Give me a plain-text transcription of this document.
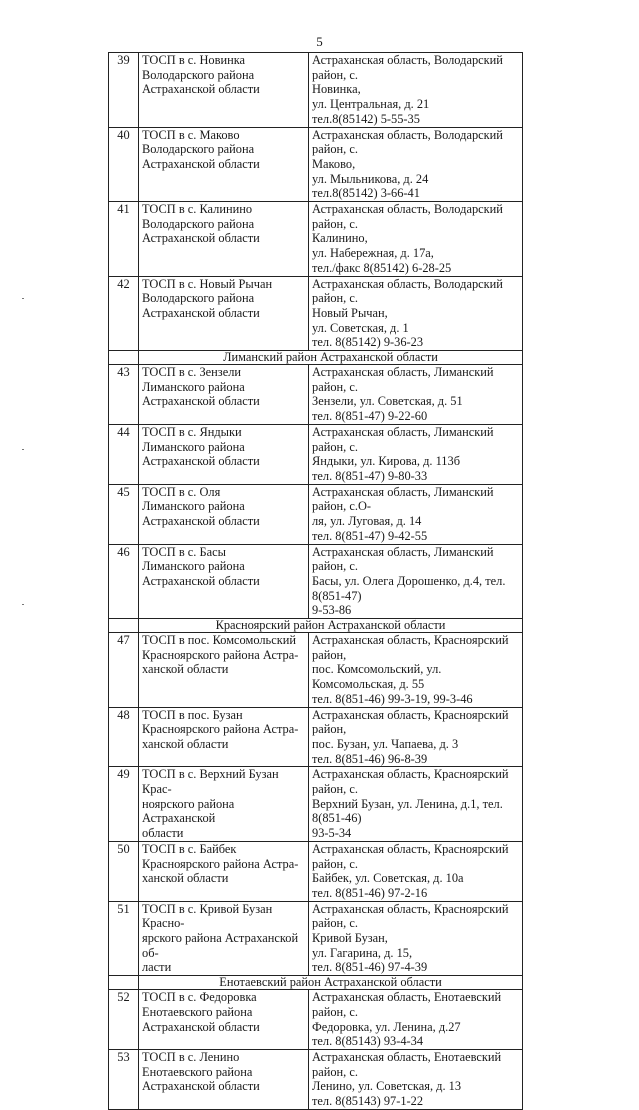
5
39	ТОСП в с. Новинка
Володарского района
Астраханской области	Астраханская область, Володарский район, с.
Новинка,
ул. Центральная, д. 21
тел.8(85142) 5-55-35
40	ТОСП в с. Маково
Володарского района
Астраханской области	Астраханская область, Володарский район, с.
Маково,
ул. Мыльникова, д. 24
тел.8(85142) 3-66-41
41	ТОСП в с. Калинино
Володарского района
Астраханской области	Астраханская область, Володарский район, с.
Калинино,
ул. Набережная, д. 17а,
тел./факс 8(85142) 6-28-25
42	ТОСП в с. Новый Рычан
Володарского района
Астраханской области	Астраханская область, Володарский район, с.
Новый Рычан,
ул. Советская, д. 1
тел. 8(85142) 9-36-23
	Лиманский район Астраханской области	
43	ТОСП в с. Зензели
Лиманского района
Астраханской области	Астраханская область, Лиманский район, с.
Зензели, ул. Советская, д. 51
тел. 8(851-47) 9-22-60
44	ТОСП в с. Яндыки
Лиманского района
Астраханской области	Астраханская область, Лиманский район, с.
Яндыки, ул. Кирова, д. 113б
тел. 8(851-47) 9-80-33
45	ТОСП в с. Оля
Лиманского района
Астраханской области	Астраханская область, Лиманский район, с.О-
ля, ул. Луговая, д. 14
тел. 8(851-47) 9-42-55
46	ТОСП в с. Басы
Лиманского района
Астраханской области	Астраханская область, Лиманский район, с.
Басы, ул. Олега Дорошенко, д.4, тел. 8(851-47)
9-53-86
	Красноярский район Астраханской области	
47	ТОСП в пос. Комсомольский
Красноярского района Астра-
ханской области	Астраханская область, Красноярский район,
пос. Комсомольский, ул. Комсомольская, д. 55
тел. 8(851-46) 99-3-19, 99-3-46
48	ТОСП в пос. Бузан
Красноярского района Астра-
ханской области	Астраханская область, Красноярский район,
пос. Бузан, ул. Чапаева, д. 3
тел. 8(851-46) 96-8-39
49	ТОСП в с. Верхний Бузан Крас-
ноярского района Астраханской
области	Астраханская область, Красноярский район, с.
Верхний Бузан, ул. Ленина, д.1, тел. 8(851-46)
93-5-34
50	ТОСП в с. Байбек
Красноярского района Астра-
ханской области	Астраханская область, Красноярский район, с.
Байбек, ул. Советская, д. 10а
тел. 8(851-46) 97-2-16
51	ТОСП в с. Кривой Бузан Красно-
ярского района Астраханской об-
ласти	Астраханская область, Красноярский район, с.
Кривой Бузан,
ул. Гагарина, д. 15,
тел. 8(851-46) 97-4-39
	Енотаевский район Астраханской области	
52	ТОСП в с. Федоровка
Енотаевского района
Астраханской области	Астраханская область, Енотаевский район, с.
Федоровка, ул. Ленина, д.27
тел. 8(85143) 93-4-34
53	ТОСП в с. Ленино
Енотаевского района
Астраханской области	Астраханская область, Енотаевский район, с.
Ленино, ул. Советская, д. 13
тел. 8(85143) 97-1-22
